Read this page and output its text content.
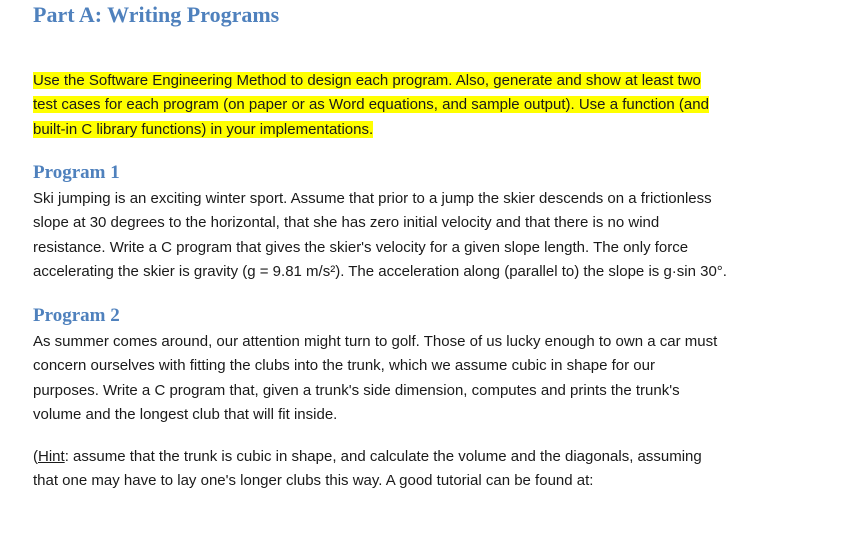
Part A: Writing Programs
Use the Software Engineering Method to design each program. Also, generate and show at least two
test cases for each program (on paper or as Word equations, and sample output). Use a function (and
built-in C library functions) in your implementations.
Program 1
Ski jumping is an exciting winter sport. Assume that prior to a jump the skier descends on a frictionless
slope at 30 degrees to the horizontal, that she has zero initial velocity and that there is no wind
resistance. Write a C program that gives the skier's velocity for a given slope length. The only force
accelerating the skier is gravity (g = 9.81 m/s²). The acceleration along (parallel to) the slope is g·sin 30°.
Program 2
As summer comes around, our attention might turn to golf. Those of us lucky enough to own a car must
concern ourselves with fitting the clubs into the trunk, which we assume cubic in shape for our
purposes. Write a C program that, given a trunk's side dimension, computes and prints the trunk's
volume and the longest club that will fit inside.
(Hint: assume that the trunk is cubic in shape, and calculate the volume and the diagonals, assuming
that one may have to lay one's longer clubs this way. A good tutorial can be found at:
